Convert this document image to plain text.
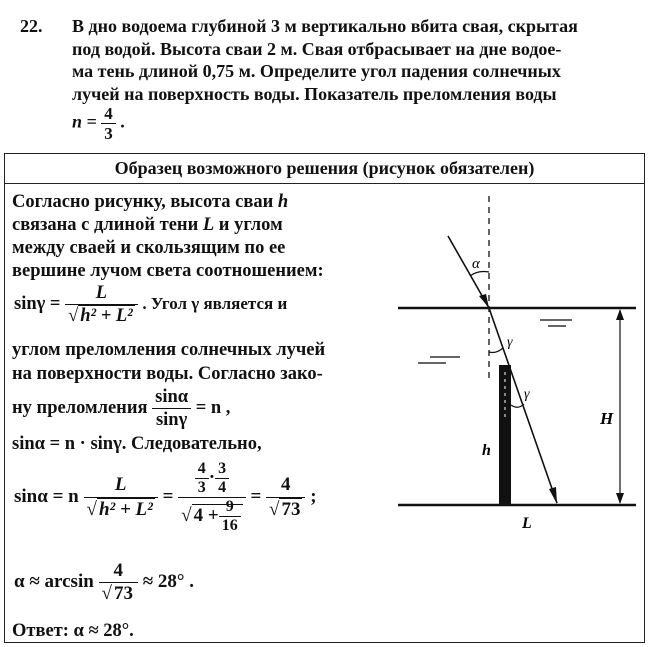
22. В дно водоема глубиной 3 м вертикально вбита свая, скрытая
под водой. Высота сваи 2 м. Свая отбрасывает на дне водое-
ма тень длиной 0,75 м. Определите угол падения солнечных
лучей на поверхность воды. Показатель преломления воды
$n = \frac{4}{3}$ .
Образец возможного решения (рисунок обязателен)
Согласно рисунку, высота сваи h
связана с длиной тени L и углом
между сваей и скользящим по ее
вершине лучом света соотношением:
$\sin\gamma = \frac{L}{\text{√ h² + L²}}$ . Угол γ является и
углом преломления солнечных лучей
на поверхности воды. Согласно зако-
ну преломления $\frac{\sin\alpha}{\sin\gamma} = n$ ,
sinα = n · sinγ. Следовательно,
sinα = n $\frac{L}{\text{√ h² + L²}} = \frac{\frac{4}{3} \cdot \frac{3}{4}}{√ 4 + \frac{9}{16}} = \frac{4}{√ 73}$ ;
$\alpha \approx \arcsin \frac{4}{√ 73} \approx 28^\circ$ .
Ответ: α ≈ 28°.
α
γ
γ
H
h
L
